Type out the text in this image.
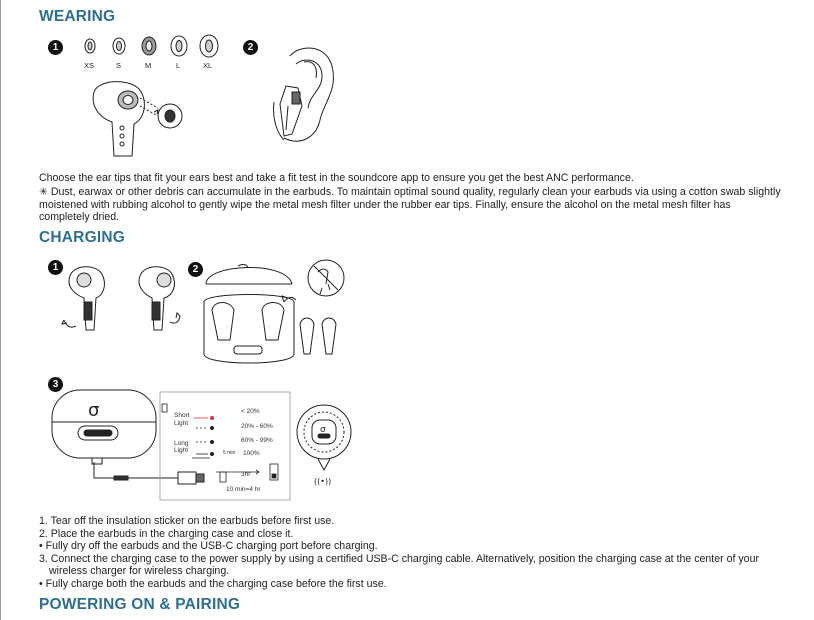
WEARING
1	2
XS	S	M	L	XL
Choose the ear tips that fit your ears best and take a fit test in the soundcore app to ensure you get the best ANC performance.
✳ Dust, earwax or other debris can accumulate in the earbuds. To maintain optimal sound quality, regularly clean your earbuds via using a cotton swab slightly
moistened with rubbing alcohol to gently wipe the metal mesh filter under the rubber ear tips. Finally, ensure the alcohol on the metal mesh filter has
completely dried.
CHARGING
1	2
3
σ	Short
Light
Long
Light
< 20%
20% - 60%
60% - 99%
5 min 100%
3hr
10 min=4 hr
σ
((•))
1. Tear off the insulation sticker on the earbuds before first use.
2. Place the earbuds in the charging case and close it.
• Fully dry off the earbuds and the USB-C charging port before charging.
3. Connect the charging case to the power supply by using a certified USB-C charging cable. Alternatively, position the charging case at the center of your
wireless charger for wireless charging.
• Fully charge both the earbuds and the charging case before the first use.
POWERING ON & PAIRING
